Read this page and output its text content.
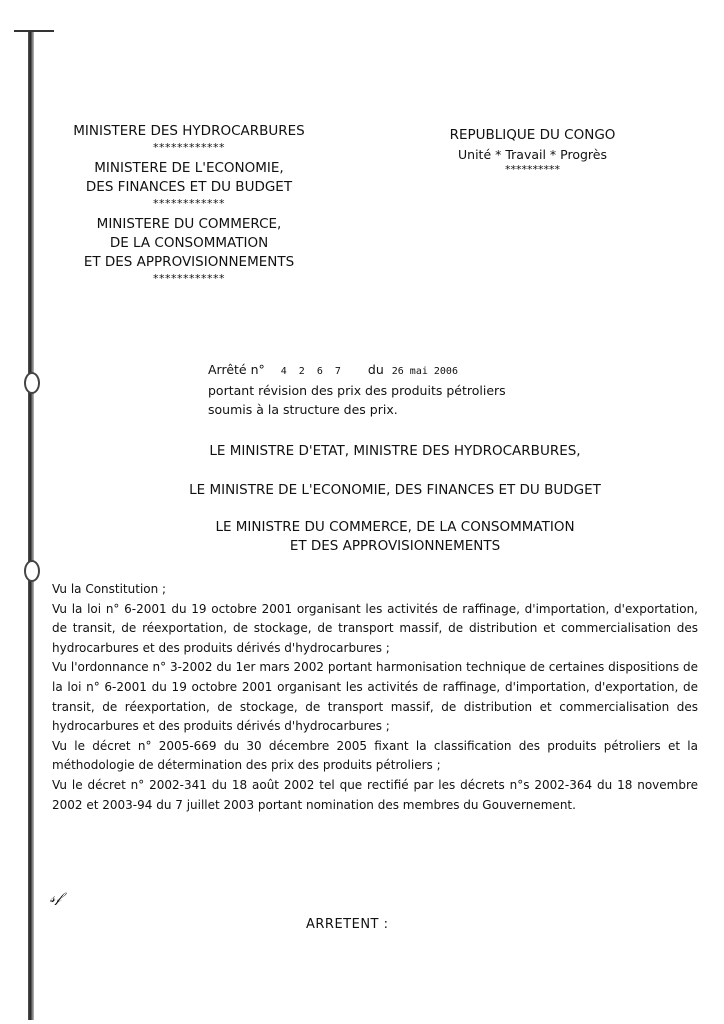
MINISTERE DES HYDROCARBURES
************
MINISTERE DE L'ECONOMIE,
DES FINANCES ET DU BUDGET
************
MINISTERE DU COMMERCE,
DE LA CONSOMMATION
ET DES APPROVISIONNEMENTS
************
REPUBLIQUE DU CONGO
Unité * Travail * Progrès
**********
Arrêté n° 4 2 6 7 du 26 mai 2006
portant révision des prix des produits pétroliers
soumis à la structure des prix.
LE MINISTRE D'ETAT, MINISTRE DES HYDROCARBURES,
LE MINISTRE DE L'ECONOMIE, DES FINANCES ET DU BUDGET
LE MINISTRE DU COMMERCE, DE LA CONSOMMATION
ET DES APPROVISIONNEMENTS

Vu la Constitution ;

Vu la loi n° 6-2001 du 19 octobre 2001 organisant les activités de raffinage, d'importation, d'exportation, de transit, de réexportation, de stockage, de transport massif, de distribution et commercialisation des hydrocarbures et des produits dérivés d'hydrocarbures ;

Vu l'ordonnance n° 3-2002 du 1er mars 2002 portant harmonisation technique de certaines dispositions de la loi n° 6-2001 du 19 octobre 2001 organisant les activités de raffinage, d'importation, d'exportation, de transit, de réexportation, de stockage, de transport massif, de distribution et commercialisation des hydrocarbures et des produits dérivés d'hydrocarbures ;

Vu le décret n° 2005-669 du 30 décembre 2005 fixant la classification des produits pétroliers et la méthodologie de détermination des prix des produits pétroliers ;

Vu le décret n° 2002-341 du 18 août 2002 tel que rectifié par les décrets n°s 2002-364 du 18 novembre 2002 et 2003-94 du 7 juillet 2003 portant nomination des membres du Gouvernement.

𝓈𝒻
ARRETENT :
